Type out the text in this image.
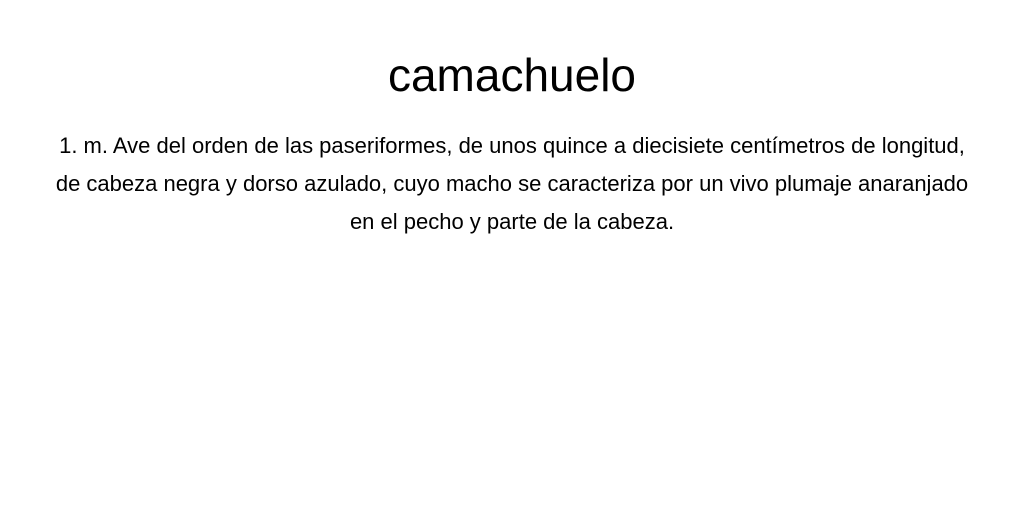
camachuelo

1. m. Ave del orden de las paseriformes, de unos quince a diecisiete centímetros de longitud, de cabeza negra y dorso azulado, cuyo macho se caracteriza por un vivo plumaje anaranjado en el pecho y parte de la cabeza.
